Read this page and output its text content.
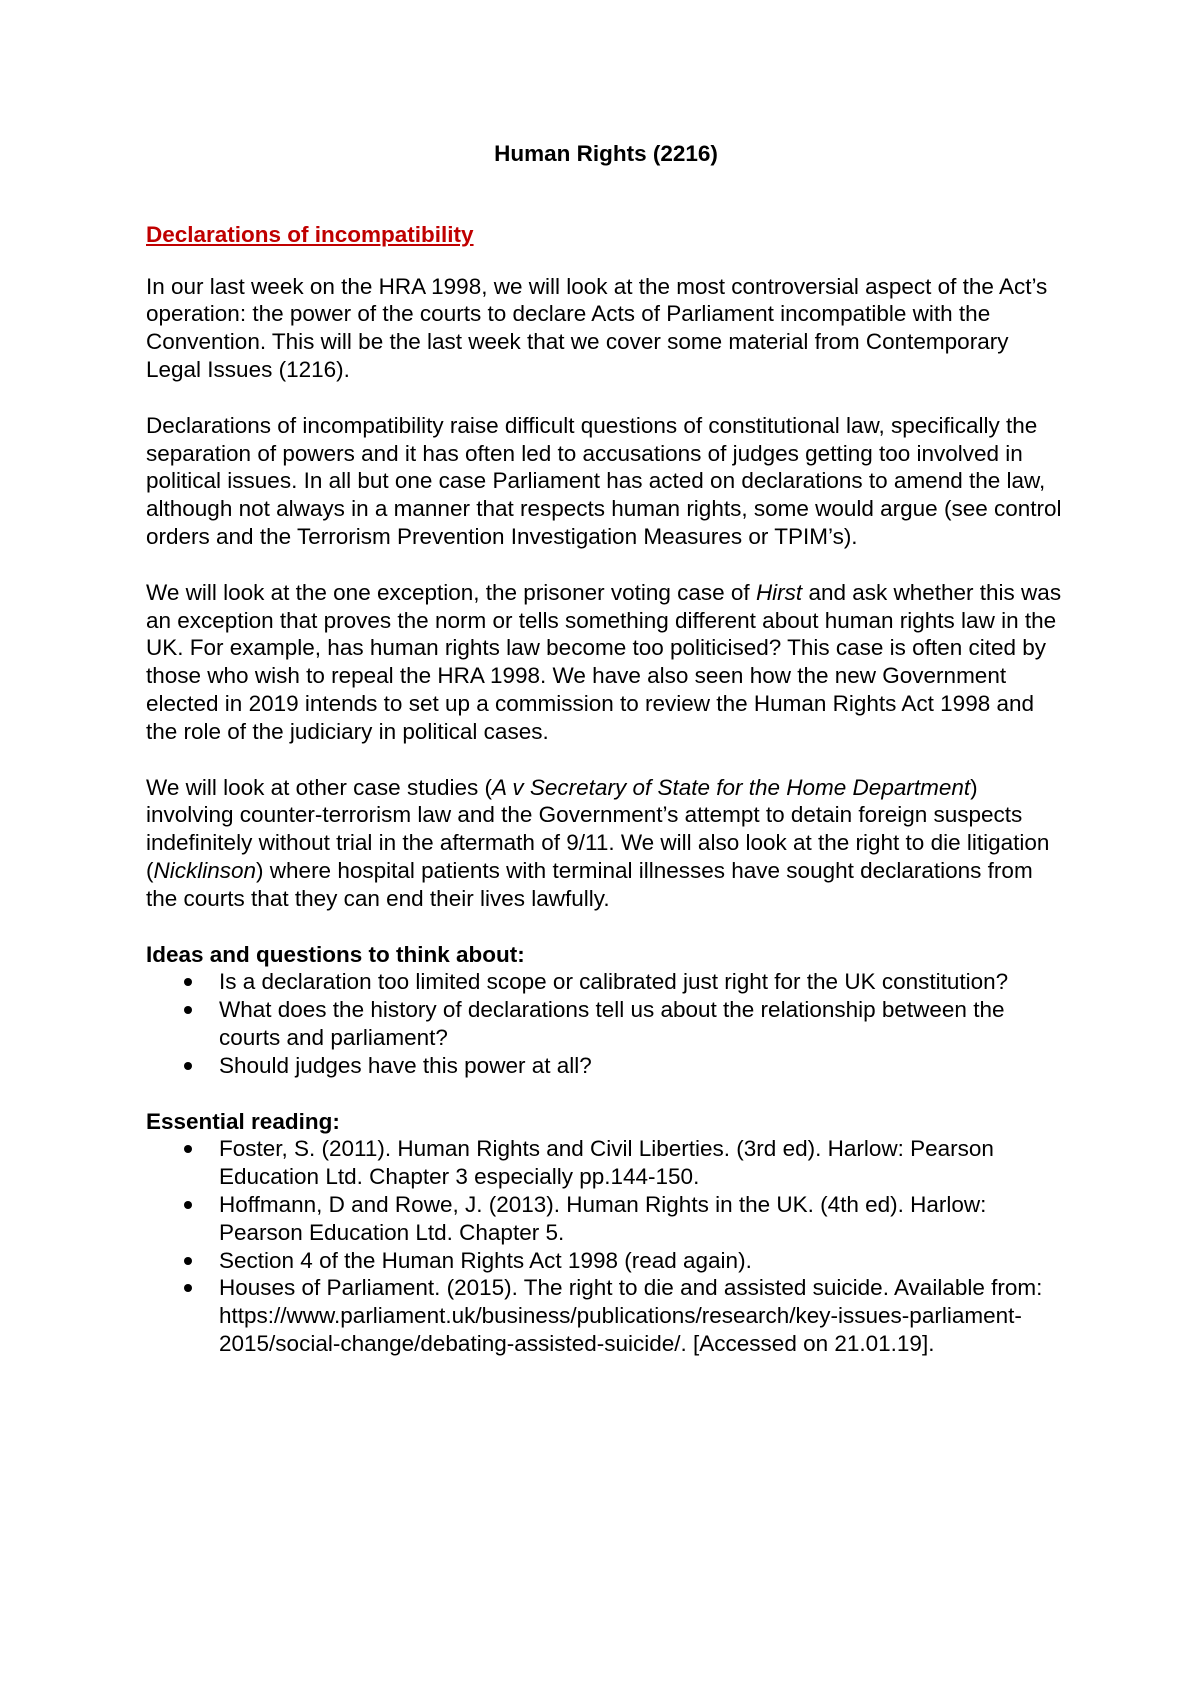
Human Rights (2216)
Declarations of incompatibility

In our last week on the HRA 1998, we will look at the most controversial aspect of the Act’s operation: the power of the courts to declare Acts of Parliament incompatible with the Convention. This will be the last week that we cover some material from Contemporary Legal Issues (1216).

Declarations of incompatibility raise difficult questions of constitutional law, specifically the separation of powers and it has often led to accusations of judges getting too involved in political issues. In all but one case Parliament has acted on declarations to amend the law, although not always in a manner that respects human rights, some would argue (see control orders and the Terrorism Prevention Investigation Measures or TPIM’s).

We will look at the one exception, the prisoner voting case of Hirst and ask whether this was an exception that proves the norm or tells something different about human rights law in the UK. For example, has human rights law become too politicised? This case is often cited by those who wish to repeal the HRA 1998. We have also seen how the new Government elected in 2019 intends to set up a commission to review the Human Rights Act 1998 and the role of the judiciary in political cases.

We will look at other case studies (A v Secretary of State for the Home Department) involving counter-terrorism law and the Government’s attempt to detain foreign suspects indefinitely without trial in the aftermath of 9/11. We will also look at the right to die litigation (Nicklinson) where hospital patients with terminal illnesses have sought declarations from the courts that they can end their lives lawfully.

Ideas and questions to think about:
Is a declaration too limited scope or calibrated just right for the UK constitution?
What does the history of declarations tell us about the relationship between the courts and parliament?
Should judges have this power at all?
Essential reading:
Foster, S. (2011). Human Rights and Civil Liberties. (3rd ed). Harlow: Pearson Education Ltd. Chapter 3 especially pp.144-150.
Hoffmann, D and Rowe, J. (2013). Human Rights in the UK. (4th ed). Harlow: Pearson Education Ltd. Chapter 5.
Section 4 of the Human Rights Act 1998 (read again).
Houses of Parliament. (2015). The right to die and assisted suicide. Available from: https://www.parliament.uk/business/publications/research/key-issues-parliament-2015/social-change/debating-assisted-suicide/. [Accessed on 21.01.19].
